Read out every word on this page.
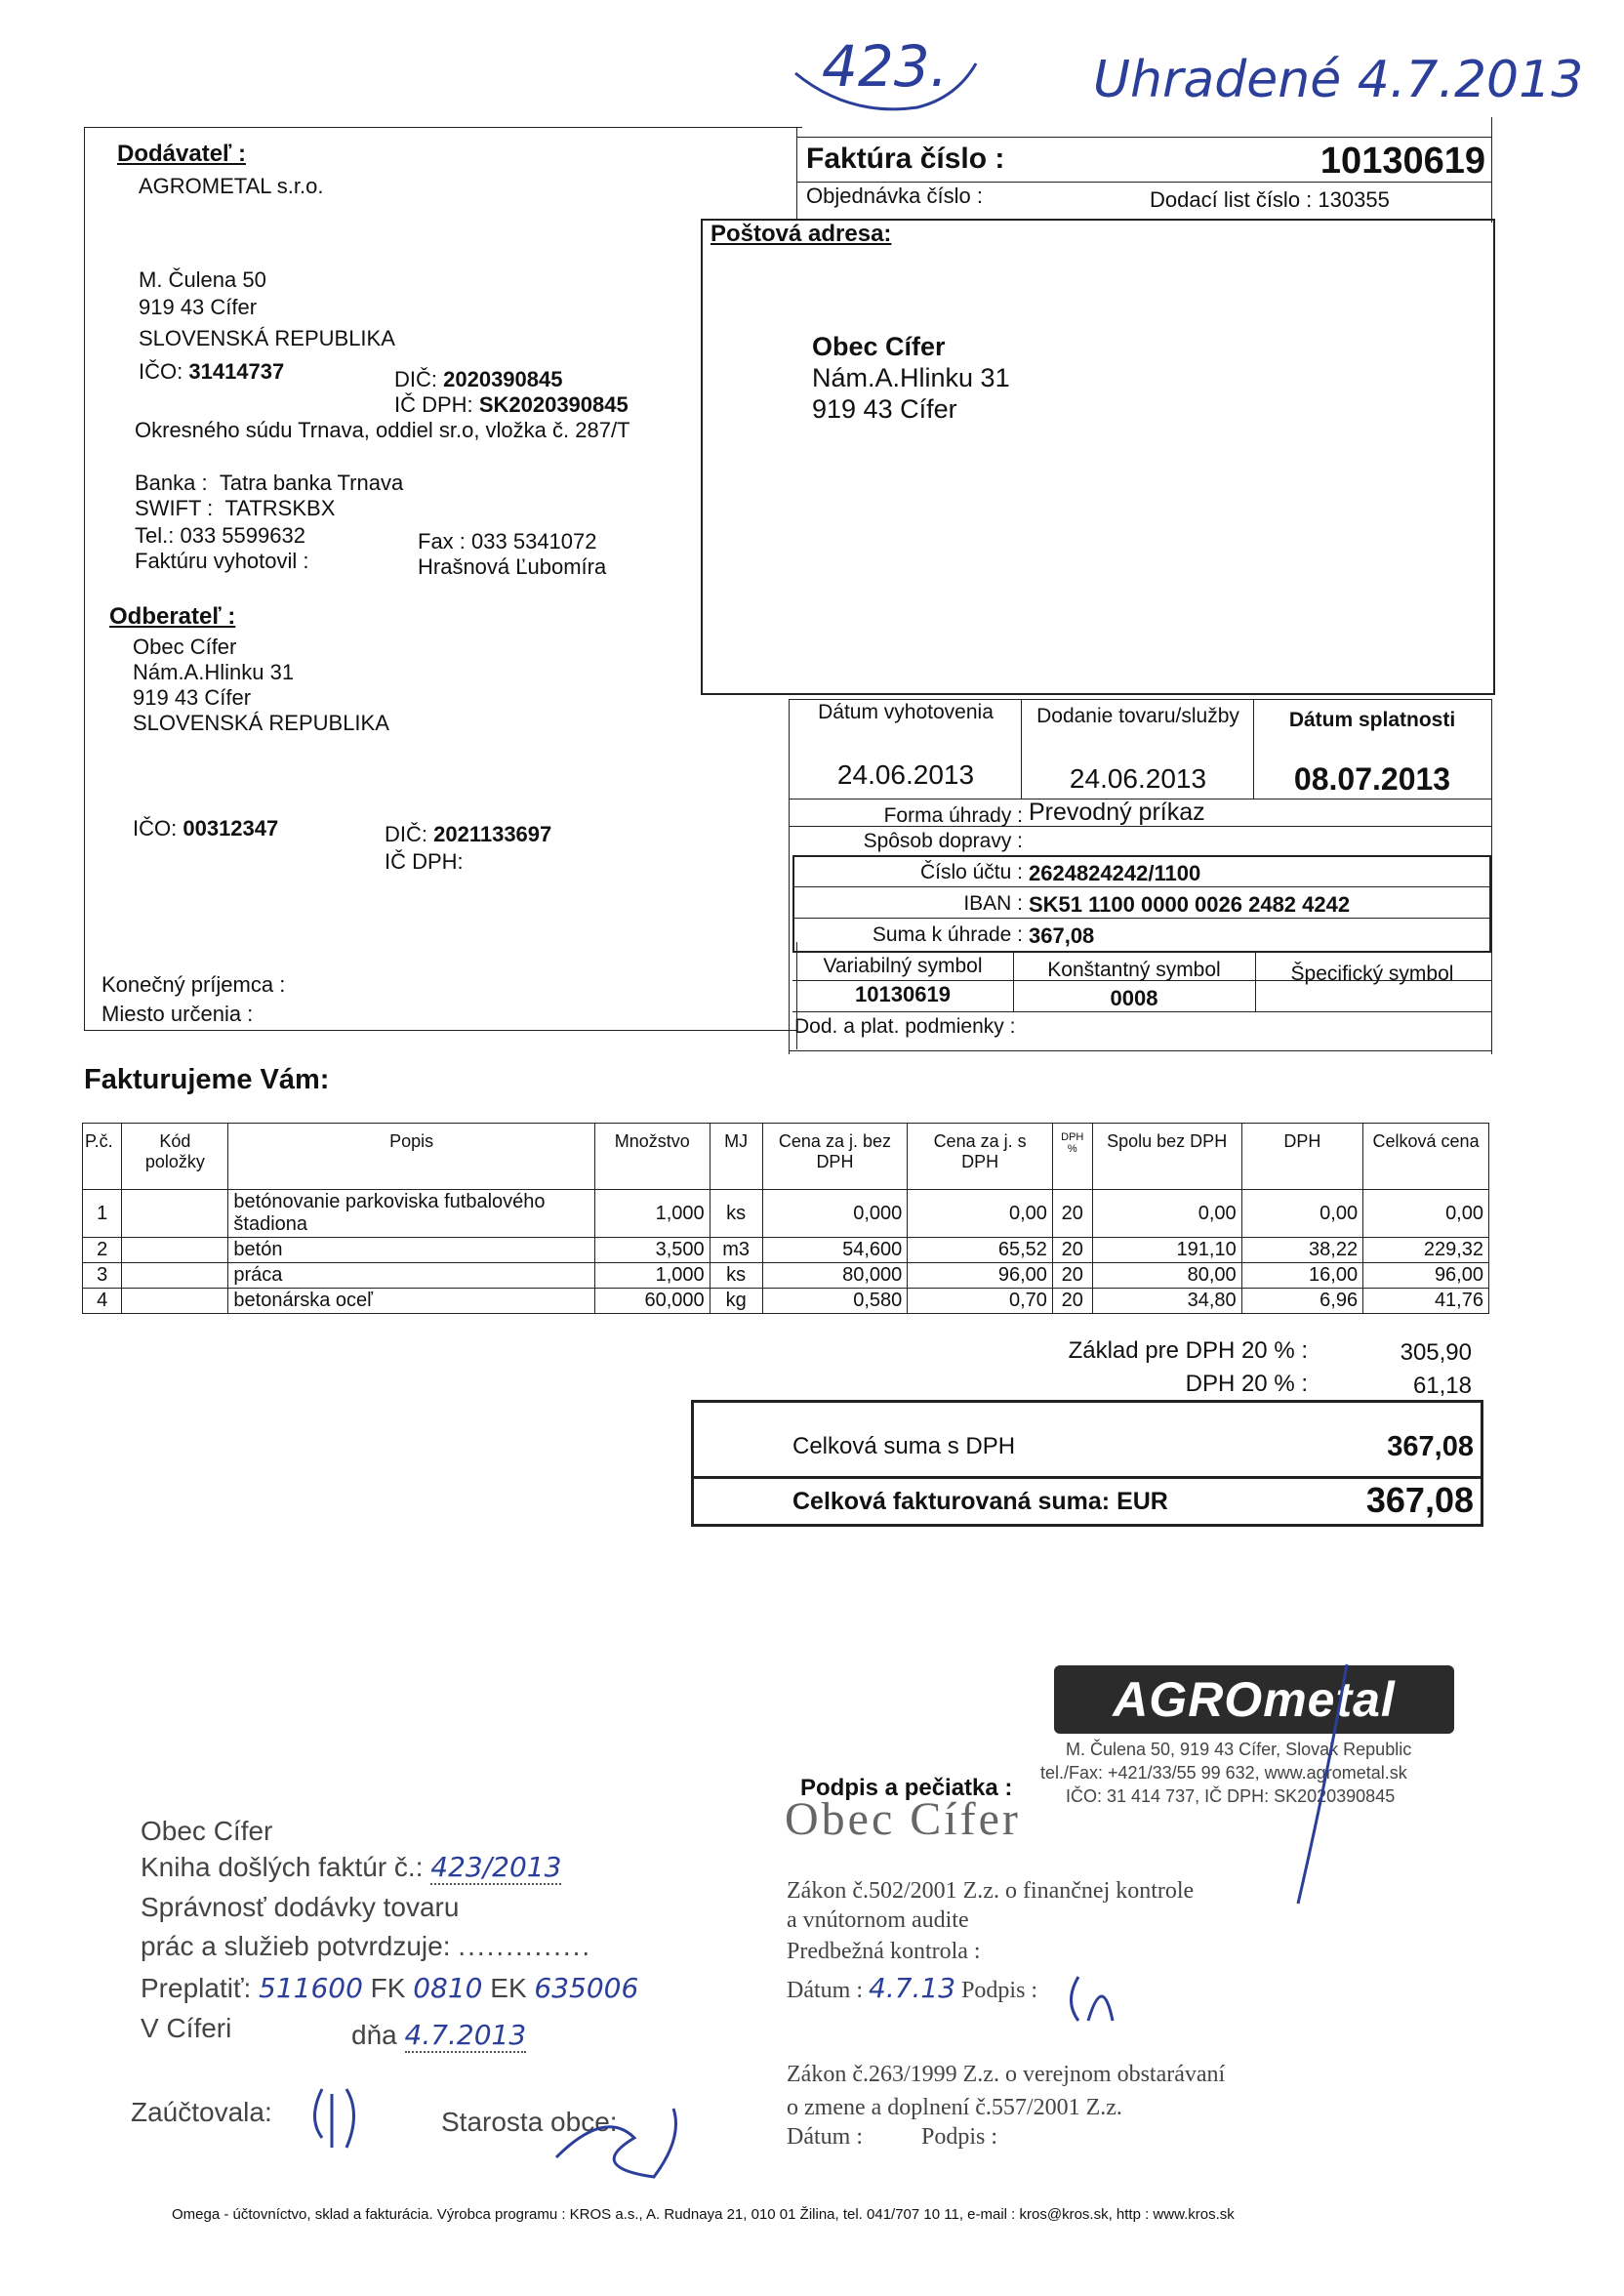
423.	Uhradené 4.7.2013
Dodávateľ :
AGROMETAL s.r.o.
M. Čulena 50
919 43 Cífer
SLOVENSKÁ REPUBLIKA
IČO: 31414737	DIČ: 2020390845
IČ DPH: SK2020390845
Okresného súdu Trnava, oddiel sr.o, vložka č. 287/T
Banka : Tatra banka Trnava
SWIFT : TATRSKBX
Tel.: 033 5599632	Fax : 033 5341072
Faktúru vyhotovil :	Hrašnová Ľubomíra
Faktúra číslo :	10130619
Objednávka číslo :	Dodací list číslo : 130355
Poštová adresa:
Obec Cífer
Nám.A.Hlinku 31
919 43 Cífer
Odberateľ :
Obec Cífer
Nám.A.Hlinku 31
919 43 Cífer
SLOVENSKÁ REPUBLIKA
IČO: 00312347	DIČ: 2021133697
IČ DPH:
Konečný príjemca :
Miesto určenia :
Dátum vyhotovenia	Dodanie tovaru/služby	Dátum splatnosti
24.06.2013	24.06.2013	08.07.2013
Forma úhrady : Prevodný príkaz
Spôsob dopravy :
Číslo účtu : 2624824242/1100
IBAN : SK51 1100 0000 0026 2482 4242
Suma k úhrade : 367,08
Variabilný symbol	Konštantný symbol	Špecifický symbol
10130619	0008
Dod. a plat. podmienky :
Fakturujeme Vám:
P.č.	Kód položky	Popis	Množstvo	MJ	Cena za j. bez DPH	Cena za j. s DPH	DPH %	Spolu bez DPH	DPH	Celková cena
1		betónovanie parkoviska futbalového štadiona	1,000	ks	0,000	0,00	20	0,00	0,00	0,00
2		betón	3,500	m3	54,600	65,52	20	191,10	38,22	229,32
3		práca	1,000	ks	80,000	96,00	20	80,00	16,00	96,00
4		betonárska oceľ	60,000	kg	0,580	0,70	20	34,80	6,96	41,76
Základ pre DPH 20 % :	305,90
DPH 20 % :	61,18
Celková suma s DPH	367,08
Celková fakturovaná suma: EUR	367,08
AGROmetal
M. Čulena 50, 919 43 Cífer, Slovak Republic
tel./Fax: +421/33/55 99 632, www.agrometal.sk
IČO: 31 414 737, IČ DPH: SK2020390845
Podpis a pečiatka :
Obec Cífer
Kniha došlých faktúr č.: 423/2013
Správnosť dodávky tovaru
prác a služieb potvrdzuje: ..............
Preplatiť: 511600 FK 0810 EK 635006
V Cíferi	dňa 4.7.2013
Zaúčtovala:	Starosta obce:
Obec Cífer
Zákon č.502/2001 Z.z. o finančnej kontrole
a vnútornom audite
Predbežná kontrola :
Dátum : 4.7.13 Podpis :
Zákon č.263/1999 Z.z. o verejnom obstarávaní
o zmene a doplnení č.557/2001 Z.z.
Dátum :	Podpis :
Omega - účtovníctvo, sklad a fakturácia. Výrobca programu : KROS a.s., A. Rudnaya 21, 010 01 Žilina, tel. 041/707 10 11, e-mail : kros@kros.sk, http : www.kros.sk
